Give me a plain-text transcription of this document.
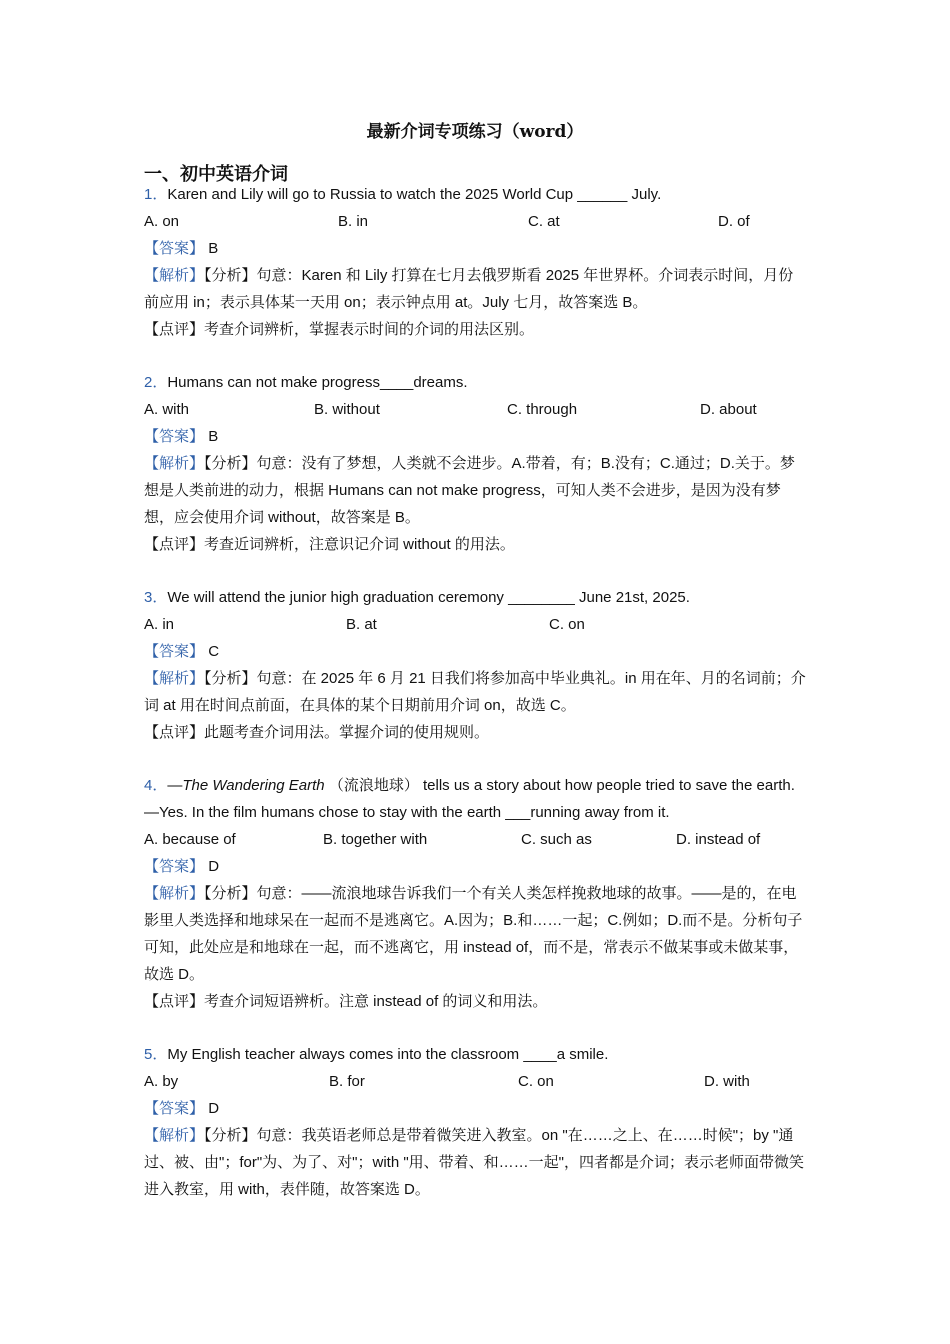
最新介词专项练习（word）
一、初中英语介词
1．Karen and Lily will go to Russia to watch the 2025 World Cup ______ July.
A. on	B. in	C. at	D. of
【答案】 B
【解析】【分析】句意：Karen 和 Lily 打算在七月去俄罗斯看 2025 年世界杯。介词表示时间，月份前应用 in；表示具体某一天用 on；表示钟点用 at。July 七月，故答案选 B。
【点评】考查介词辨析，掌握表示时间的介词的用法区别。
2．Humans can not make progress____dreams.
A. with	B. without	C. through	D. about
【答案】 B
【解析】【分析】句意：没有了梦想，人类就不会进步。A.带着，有；B.没有；C.通过；D.关于。梦想是人类前进的动力，根据 Humans can not make progress，可知人类不会进步，是因为没有梦想，应会使用介词 without，故答案是 B。
【点评】考查近词辨析，注意识记介词 without 的用法。
3．We will attend the junior high graduation ceremony ________ June 21st, 2025.
A. in	B. at	C. on
【答案】 C
【解析】【分析】句意：在 2025 年 6 月 21 日我们将参加高中毕业典礼。in 用在年、月的名词前；介词 at 用在时间点前面，在具体的某个日期前用介词 on，故选 C。
【点评】此题考查介词用法。掌握介词的使用规则。
4．—The Wandering Earth （流浪地球） tells us a story about how people tried to save the earth.
—Yes. In the film humans chose to stay with the earth ___running away from it.
A. because of	B. together with	C. such as	D. instead of
【答案】 D
【解析】【分析】句意：——流浪地球告诉我们一个有关人类怎样挽救地球的故事。——是的，在电影里人类选择和地球呆在一起而不是逃离它。A.因为；B.和……一起；C.例如；D.而不是。分析句子可知，此处应是和地球在一起，而不逃离它，用 instead of，而不是，常表示不做某事或未做某事，故选 D。
【点评】考查介词短语辨析。注意 instead of 的词义和用法。
5．My English teacher always comes into the classroom ____a smile.
A. by	B. for	C. on	D. with
【答案】 D
【解析】【分析】句意：我英语老师总是带着微笑进入教室。on "在……之上、在……时候"；by "通过、被、由"；for"为、为了、对"；with "用、带着、和……一起"，四者都是介词；表示老师面带微笑进入教室，用 with，表伴随，故答案选 D。
